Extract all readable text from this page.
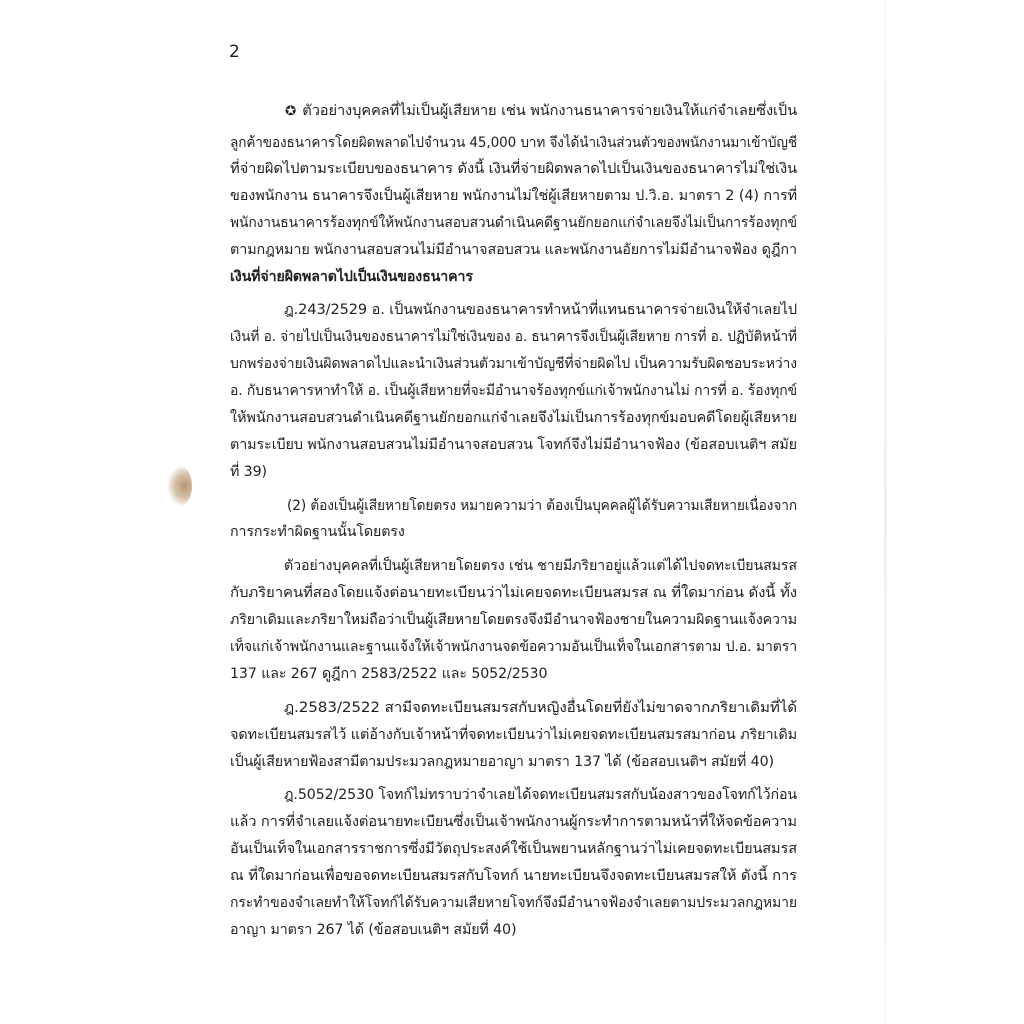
2
✪ ตัวอย่างบุคคลที่ไม่เป็นผู้เสียหาย เช่น พนักงานธนาคารจ่ายเงินให้แก่จำเลยซึ่งเป็น
ลูกค้าของธนาคารโดยผิดพลาดไปจำนวน 45,000 บาท จึงได้นำเงินส่วนตัวของพนักงานมาเข้าบัญชี
ที่จ่ายผิดไปตามระเบียบของธนาคาร ดังนี้ เงินที่จ่ายผิดพลาดไปเป็นเงินของธนาคารไม่ใช่เงิน
ของพนักงาน ธนาคารจึงเป็นผู้เสียหาย พนักงานไม่ใช่ผู้เสียหายตาม ป.วิ.อ. มาตรา 2 (4) การที่
พนักงานธนาคารร้องทุกข์ให้พนักงานสอบสวนดำเนินคดีฐานยักยอกแก่จำเลยจึงไม่เป็นการร้องทุกข์
ตามกฎหมาย พนักงานสอบสวนไม่มีอำนาจสอบสวน และพนักงานอัยการไม่มีอำนาจฟ้อง ดูฎีกา
เงินที่จ่ายผิดพลาดไปเป็นเงินของธนาคาร
ฎ.243/2529 อ. เป็นพนักงานของธนาคารทำหน้าที่แทนธนาคารจ่ายเงินให้จำเลยไป
เงินที่ อ. จ่ายไปเป็นเงินของธนาคารไม่ใช่เงินของ อ. ธนาคารจึงเป็นผู้เสียหาย การที่ อ. ปฏิบัติหน้าที่
บกพร่องจ่ายเงินผิดพลาดไปและนำเงินส่วนตัวมาเข้าบัญชีที่จ่ายผิดไป เป็นความรับผิดชอบระหว่าง
อ. กับธนาคารหาทำให้ อ. เป็นผู้เสียหายที่จะมีอำนาจร้องทุกข์แก่เจ้าพนักงานไม่ การที่ อ. ร้องทุกข์
ให้พนักงานสอบสวนดำเนินคดีฐานยักยอกแก่จำเลยจึงไม่เป็นการร้องทุกข์มอบคดีโดยผู้เสียหาย
ตามระเบียบ พนักงานสอบสวนไม่มีอำนาจสอบสวน โจทก์จึงไม่มีอำนาจฟ้อง (ข้อสอบเนติฯ สมัย
ที่ 39)
(2) ต้องเป็นผู้เสียหายโดยตรง หมายความว่า ต้องเป็นบุคคลผู้ได้รับความเสียหายเนื่องจาก
การกระทำผิดฐานนั้นโดยตรง
ตัวอย่างบุคคลที่เป็นผู้เสียหายโดยตรง เช่น ชายมีภริยาอยู่แล้วแต่ได้ไปจดทะเบียนสมรส
กับภริยาคนที่สองโดยแจ้งต่อนายทะเบียนว่าไม่เคยจดทะเบียนสมรส ณ ที่ใดมาก่อน ดังนี้ ทั้ง
ภริยาเดิมและภริยาใหม่ถือว่าเป็นผู้เสียหายโดยตรงจึงมีอำนาจฟ้องชายในความผิดฐานแจ้งความ
เท็จแก่เจ้าพนักงานและฐานแจ้งให้เจ้าพนักงานจดข้อความอันเป็นเท็จในเอกสารตาม ป.อ. มาตรา
137 และ 267 ดูฎีกา 2583/2522 และ 5052/2530
ฎ.2583/2522 สามีจดทะเบียนสมรสกับหญิงอื่นโดยที่ยังไม่ขาดจากภริยาเดิมที่ได้
จดทะเบียนสมรสไว้ แต่อ้างกับเจ้าหน้าที่จดทะเบียนว่าไม่เคยจดทะเบียนสมรสมาก่อน ภริยาเดิม
เป็นผู้เสียหายฟ้องสามีตามประมวลกฎหมายอาญา มาตรา 137 ได้ (ข้อสอบเนติฯ สมัยที่ 40)
ฎ.5052/2530 โจทก์ไม่ทราบว่าจำเลยได้จดทะเบียนสมรสกับน้องสาวของโจทก์ไว้ก่อน
แล้ว การที่จำเลยแจ้งต่อนายทะเบียนซึ่งเป็นเจ้าพนักงานผู้กระทำการตามหน้าที่ให้จดข้อความ
อันเป็นเท็จในเอกสารราชการซึ่งมีวัตถุประสงค์ใช้เป็นพยานหลักฐานว่าไม่เคยจดทะเบียนสมรส
ณ ที่ใดมาก่อนเพื่อขอจดทะเบียนสมรสกับโจทก์ นายทะเบียนจึงจดทะเบียนสมรสให้ ดังนี้ การ
กระทำของจำเลยทำให้โจทก์ได้รับความเสียหายโจทก์จึงมีอำนาจฟ้องจำเลยตามประมวลกฎหมาย
อาญา มาตรา 267 ได้ (ข้อสอบเนติฯ สมัยที่ 40)
